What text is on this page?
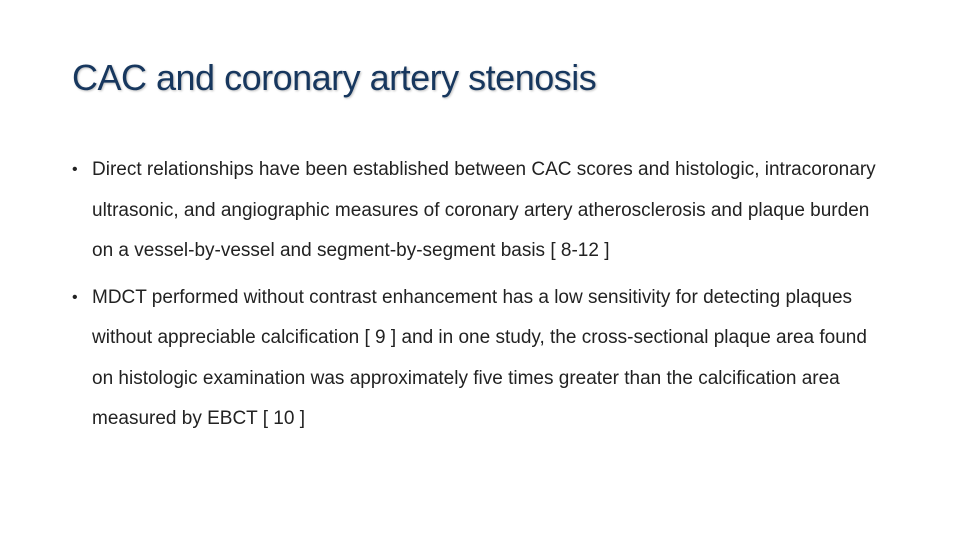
CAC and coronary artery stenosis
• Direct relationships have been established between CAC scores and histologic, intracoronary ultrasonic, and angiographic measures of coronary artery atherosclerosis and plaque burden on a vessel-by-vessel and segment-by-segment basis [ 8-12 ]
• MDCT performed without contrast enhancement has a low sensitivity for detecting plaques without appreciable calcification [ 9 ] and in one study, the cross-sectional plaque area found on histologic examination was approximately five times greater than the calcification area measured by EBCT [ 10 ]
